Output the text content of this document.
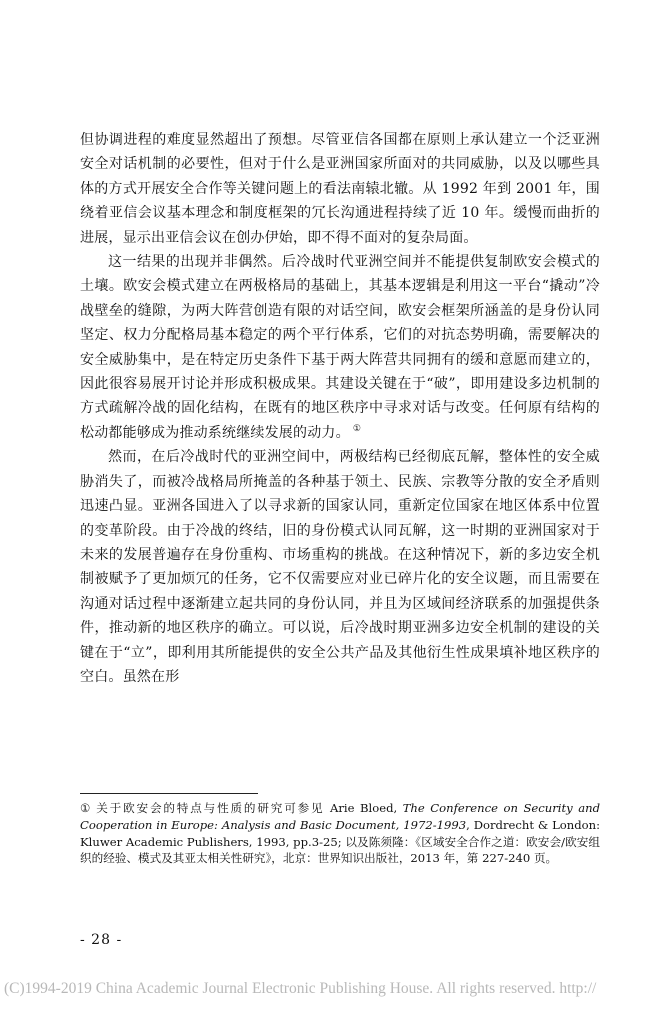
但协调进程的难度显然超出了预想。尽管亚信各国都在原则上承认建立一个泛亚洲安全对话机制的必要性，但对于什么是亚洲国家所面对的共同威胁，以及以哪些具体的方式开展安全合作等关键问题上的看法南辕北辙。从 1992 年到 2001 年，围绕着亚信会议基本理念和制度框架的冗长沟通进程持续了近 10 年。缓慢而曲折的进展，显示出亚信会议在创办伊始，即不得不面对的复杂局面。

这一结果的出现并非偶然。后冷战时代亚洲空间并不能提供复制欧安会模式的土壤。欧安会模式建立在两极格局的基础上，其基本逻辑是利用这一平台“撬动”冷战壁垒的缝隙，为两大阵营创造有限的对话空间，欧安会框架所涵盖的是身份认同坚定、权力分配格局基本稳定的两个平行体系，它们的对抗态势明确，需要解决的安全威胁集中，是在特定历史条件下基于两大阵营共同拥有的缓和意愿而建立的，因此很容易展开讨论并形成积极成果。其建设关键在于“破”，即用建设多边机制的方式疏解冷战的固化结构，在既有的地区秩序中寻求对话与改变。任何原有结构的松动都能够成为推动系统继续发展的动力。 ①

然而，在后冷战时代的亚洲空间中，两极结构已经彻底瓦解，整体性的安全威胁消失了，而被冷战格局所掩盖的各种基于领土、民族、宗教等分散的安全矛盾则迅速凸显。亚洲各国进入了以寻求新的国家认同，重新定位国家在地区体系中位置的变革阶段。由于冷战的终结，旧的身份模式认同瓦解，这一时期的亚洲国家对于未来的发展普遍存在身份重构、市场重构的挑战。在这种情况下，新的多边安全机制被赋予了更加烦冗的任务，它不仅需要应对业已碎片化的安全议题，而且需要在沟通对话过程中逐渐建立起共同的身份认同，并且为区域间经济联系的加强提供条件，推动新的地区秩序的确立。可以说，后冷战时期亚洲多边安全机制的建设的关键在于“立”，即利用其所能提供的安全公共产品及其他衍生性成果填补地区秩序的空白。虽然在形

① 关于欧安会的特点与性质的研究可参见 Arie Bloed, The Conference on Security and Cooperation in Europe: Analysis and Basic Document, 1972-1993, Dordrecht & London: Kluwer Academic Publishers, 1993, pp.3-25; 以及陈须隆：《区域安全合作之道：欧安会/欧安组织的经验、模式及其亚太相关性研究》，北京：世界知识出版社，2013 年，第 227-240 页。

- 28 -
(C)1994-2019 China Academic Journal Electronic Publishing House. All rights reserved. http://
